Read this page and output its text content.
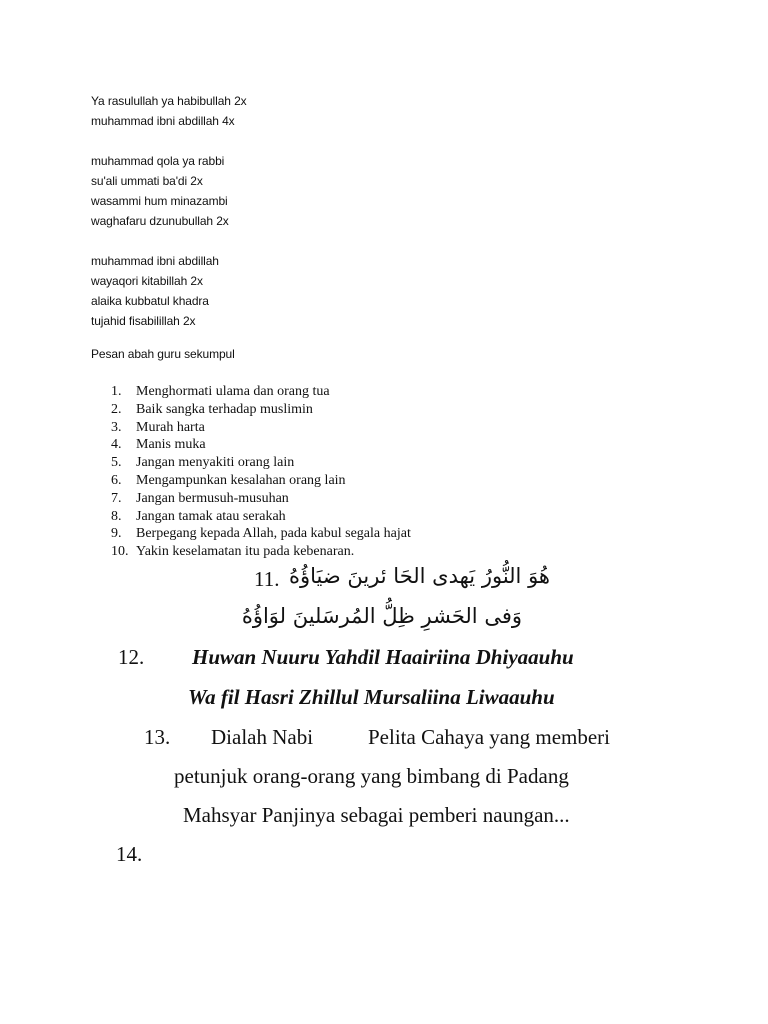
Ya rasulullah ya habibullah 2x
muhammad ibni abdillah 4x
muhammad qola ya rabbi
su'ali ummati ba'di 2x
wasammi hum minazambi
waghafaru dzunubullah 2x
muhammad ibni abdillah
wayaqori kitabillah 2x
alaika kubbatul khadra
tujahid fisabilillah 2x
Pesan abah guru sekumpul
1.	Menghormati ulama dan orang tua
2.	Baik sangka terhadap muslimin
3.	Murah harta
4.	Manis muka
5.	Jangan menyakiti orang lain
6.	Mengampunkan kesalahan orang lain
7.	Jangan bermusuh-musuhan
8.	Jangan tamak atau serakah
9.	Berpegang kepada Allah, pada kabul segala hajat
10. Yakin keselamatan itu pada kebenaran.
11. هُوَ النُّورُ يَهدى الحَا ئرينَ ضيَاؤُهُ
وَفى الحَشرِ ظِلُّ المُرسَلينَ لوَاؤُهُ
12. Huwan Nuuru Yahdil Haairiina Dhiyaauhu
Wa fil Hasri Zhillul Mursaliina Liwaauhu
13. Dialah Nabi	Pelita Cahaya yang memberi
petunjuk orang-orang yang bimbang di Padang
Mahsyar Panjinya sebagai pemberi naungan...
14.
